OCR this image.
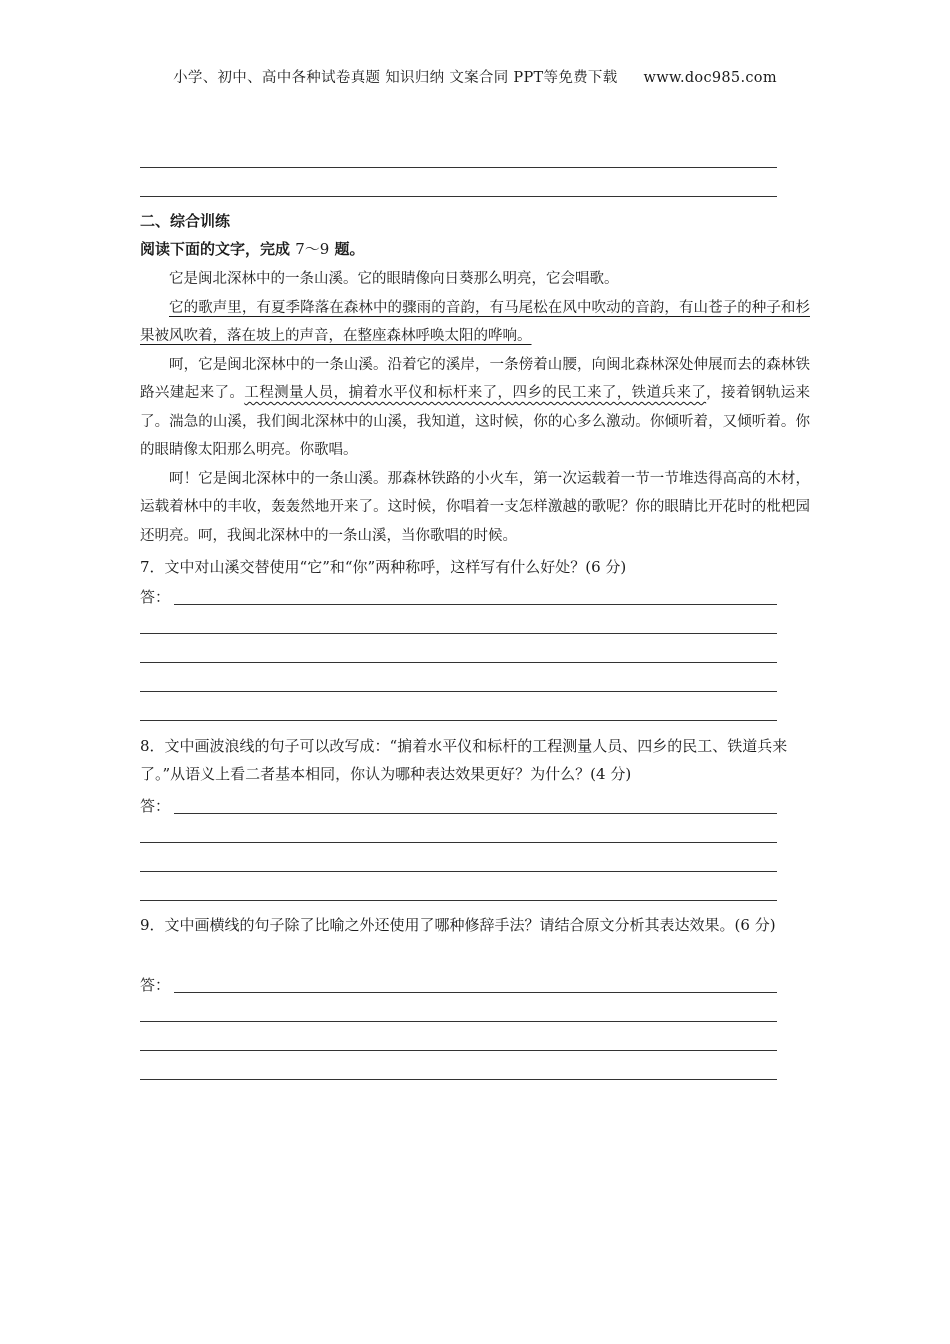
小学、初中、高中各种试卷真题 知识归纳 文案合同 PPT等免费下载 www.doc985.com
二、综合训练
阅读下面的文字，完成 7～9 题。

它是闽北深林中的一条山溪。它的眼睛像向日葵那么明亮，它会唱歌。

它的歌声里，有夏季降落在森林中的骤雨的音韵，有马尾松在风中吹动的音韵，有山苍子的种子和杉果被风吹着，落在坡上的声音，在整座森林呼唤太阳的哗响。

呵，它是闽北深林中的一条山溪。沿着它的溪岸，一条傍着山腰，向闽北森林深处伸展而去的森林铁路兴建起来了。工程测量人员，掮着水平仪和标杆来了，四乡的民工来了，铁道兵来了，接着钢轨运来了。湍急的山溪，我们闽北深林中的山溪，我知道，这时候，你的心多么激动。你倾听着，又倾听着。你的眼睛像太阳那么明亮。你歌唱。

呵！它是闽北深林中的一条山溪。那森林铁路的小火车，第一次运载着一节一节堆迭得高高的木材，运载着林中的丰收，轰轰然地开来了。这时候，你唱着一支怎样激越的歌呢？你的眼睛比开花时的枇杷园还明亮。呵，我闽北深林中的一条山溪，当你歌唱的时候。

7．文中对山溪交替使用“它”和“你”两种称呼，这样写有什么好处？(6 分)
答：
8．文中画波浪线的句子可以改写成：“掮着水平仪和标杆的工程测量人员、四乡的民工、铁道兵来了。”从语义上看二者基本相同，你认为哪种表达效果更好？为什么？(4 分)
答：
9．文中画横线的句子除了比喻之外还使用了哪种修辞手法？请结合原文分析其表达效果。(6 分)
答：
